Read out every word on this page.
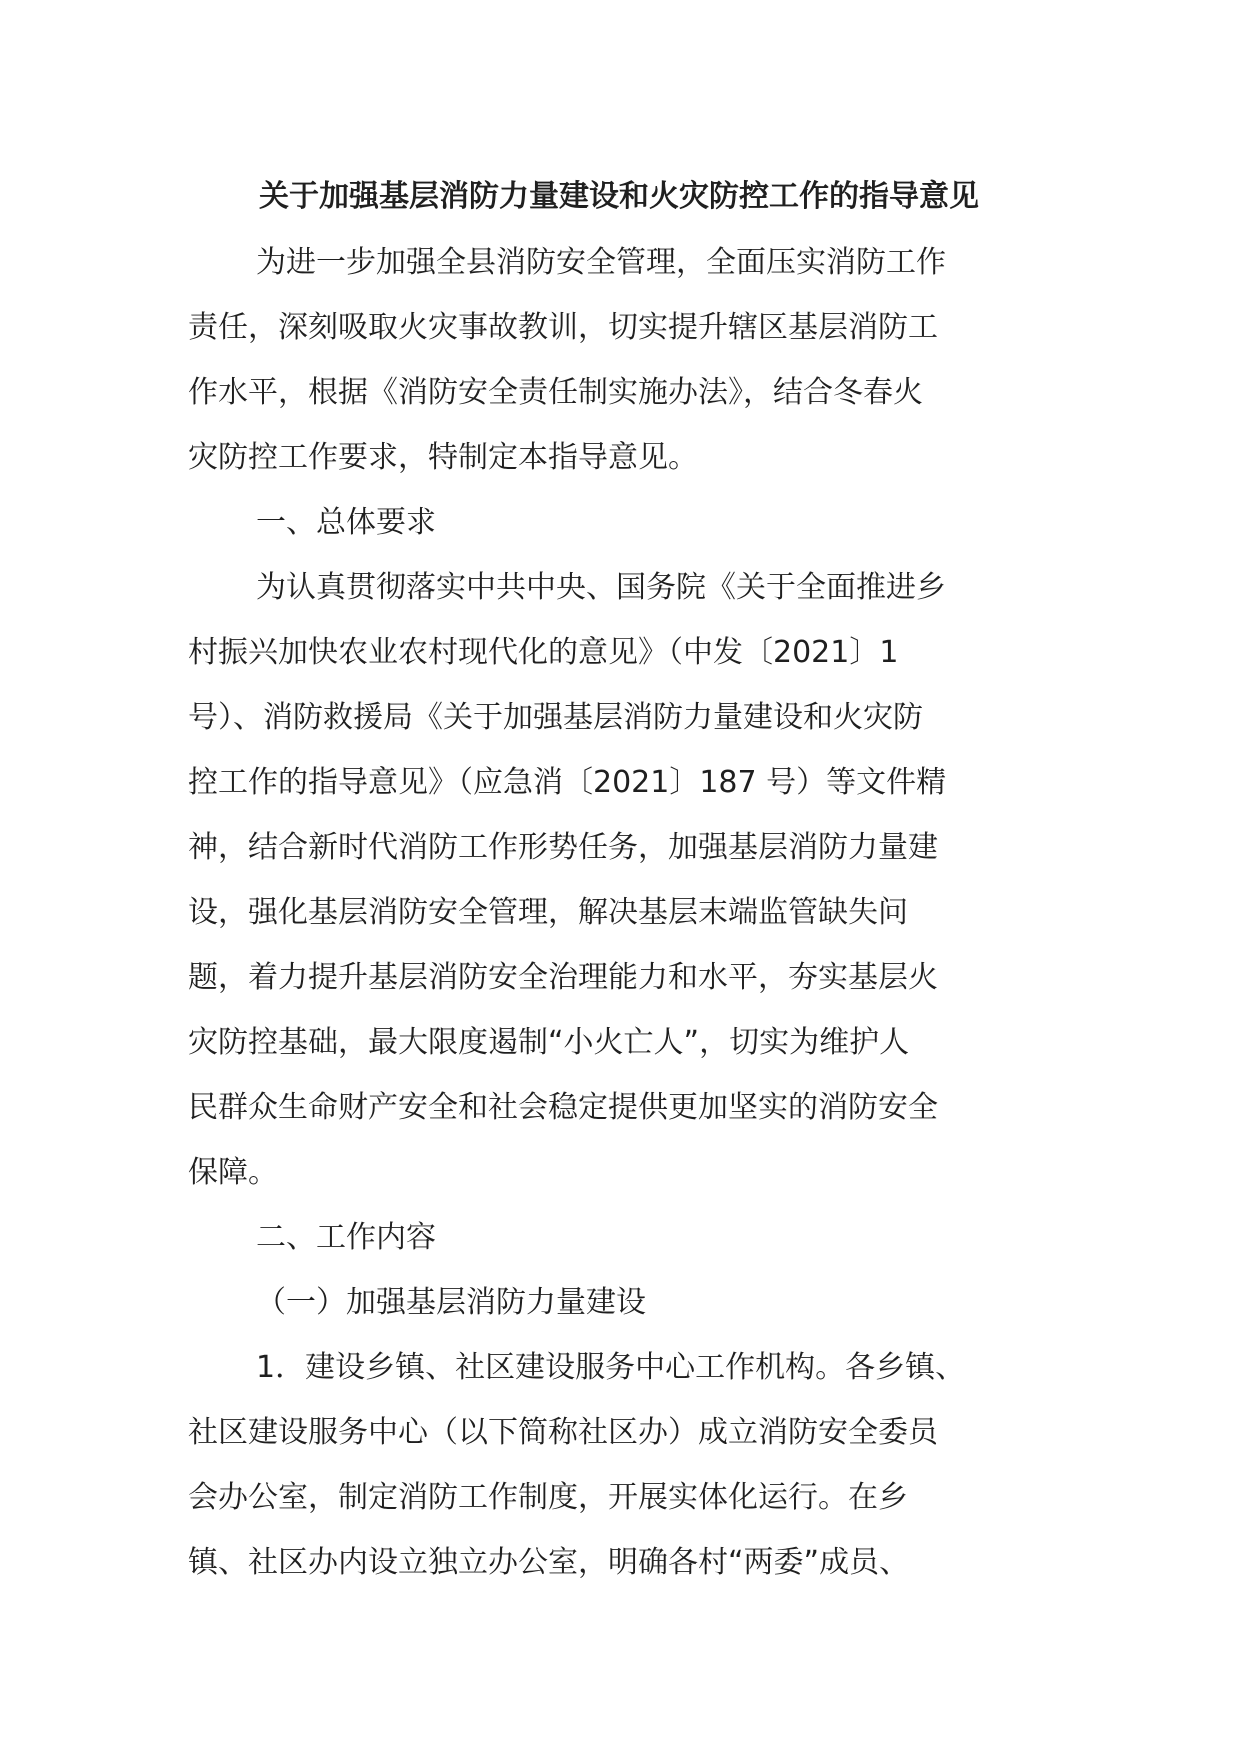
关于加强基层消防力量建设和火灾防控工作的指导意见
为进一步加强全县消防安全管理，全面压实消防工作
责任，深刻吸取火灾事故教训，切实提升辖区基层消防工
作水平，根据《消防安全责任制实施办法》，结合冬春火
灾防控工作要求，特制定本指导意见。
一、总体要求
为认真贯彻落实中共中央、国务院《关于全面推进乡
村振兴加快农业农村现代化的意见》（中发〔2021〕1
号）、消防救援局《关于加强基层消防力量建设和火灾防
控工作的指导意见》（应急消〔2021〕187 号）等文件精
神，结合新时代消防工作形势任务，加强基层消防力量建
设，强化基层消防安全管理，解决基层末端监管缺失问
题，着力提升基层消防安全治理能力和水平，夯实基层火
灾防控基础，最大限度遏制“小火亡人”，切实为维护人
民群众生命财产安全和社会稳定提供更加坚实的消防安全
保障。
二、工作内容
（一）加强基层消防力量建设
1．建设乡镇、社区建设服务中心工作机构。各乡镇、
社区建设服务中心（以下简称社区办）成立消防安全委员
会办公室，制定消防工作制度，开展实体化运行。在乡
镇、社区办内设立独立办公室，明确各村“两委”成员、
